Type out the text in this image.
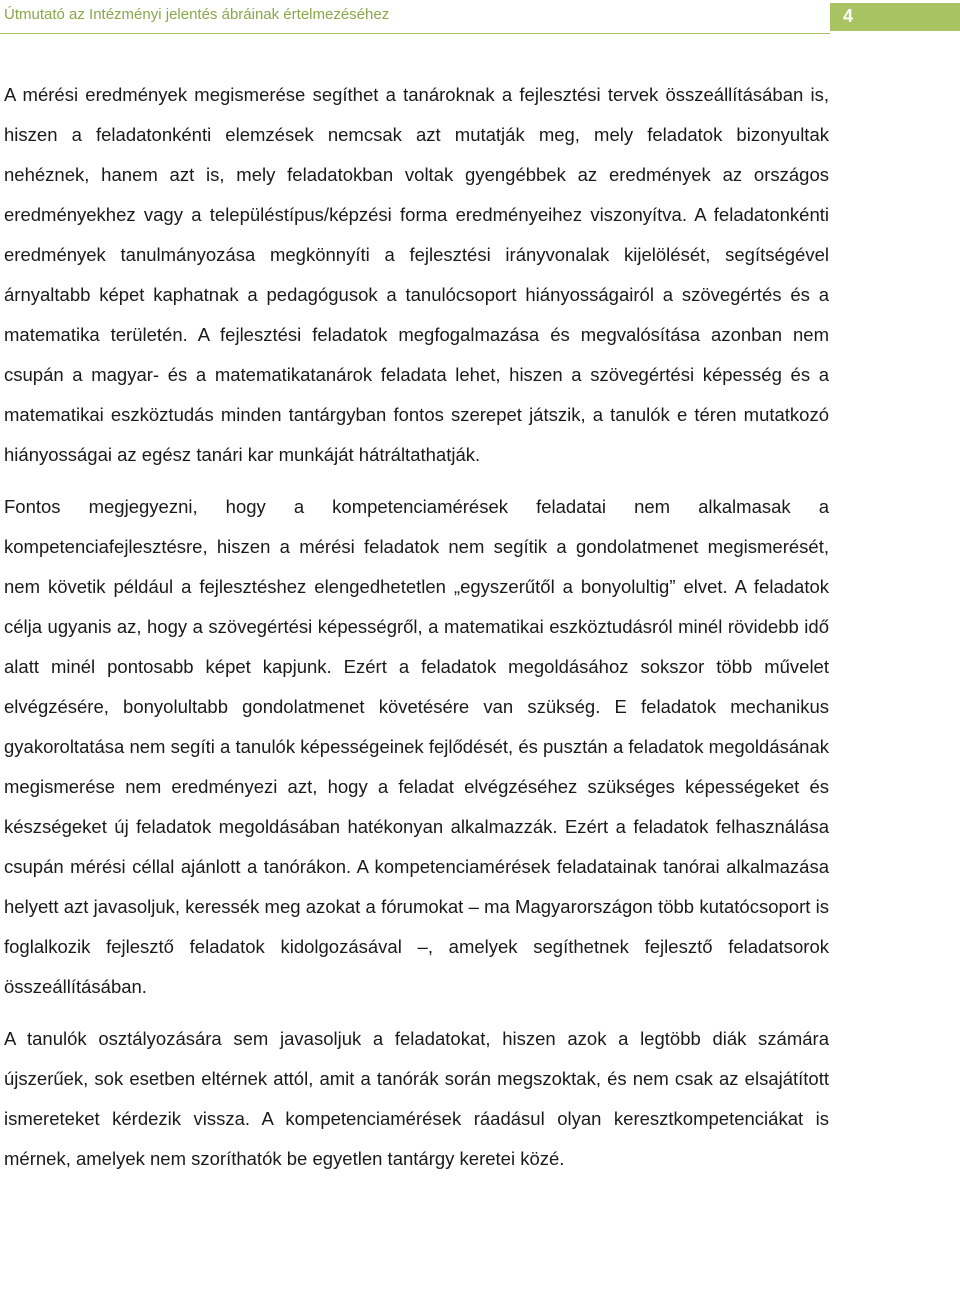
Útmutató az Intézményi jelentés ábráinak értelmezéséhez	4

A mérési eredmények megismerése segíthet a tanároknak a fejlesztési tervek összeállításában is, hiszen a feladatonkénti elemzések nemcsak azt mutatják meg, mely feladatok bizonyultak nehéznek, hanem azt is, mely feladatokban voltak gyengébbek az eredmények az országos eredményekhez vagy a településtípus/képzési forma eredményeihez viszonyítva. A feladatonkénti eredmények tanulmányozása megkönnyíti a fejlesztési irányvonalak kijelölését, segítségével árnyaltabb képet kaphatnak a pedagógusok a tanulócsoport hiányosságairól a szövegértés és a matematika területén. A fejlesztési feladatok megfogalmazása és megvalósítása azonban nem csupán a magyar- és a matematikatanárok feladata lehet, hiszen a szövegértési képesség és a matematikai eszköztudás minden tantárgyban fontos szerepet játszik, a tanulók e téren mutatkozó hiányosságai az egész tanári kar munkáját hátráltathatják.

Fontos megjegyezni, hogy a kompetenciamérések feladatai nem alkalmasak a kompetenciafejlesztésre, hiszen a mérési feladatok nem segítik a gondolatmenet megismerését, nem követik például a fejlesztéshez elengedhetetlen „egyszerűtől a bonyolultig” elvet. A feladatok célja ugyanis az, hogy a szövegértési képességről, a matematikai eszköztudásról minél rövidebb idő alatt minél pontosabb képet kapjunk. Ezért a feladatok megoldásához sokszor több művelet elvégzésére, bonyolultabb gondolatmenet követésére van szükség. E feladatok mechanikus gyakoroltatása nem segíti a tanulók képességeinek fejlődését, és pusztán a feladatok megoldásának megismerése nem eredményezi azt, hogy a feladat elvégzéséhez szükséges képességeket és készségeket új feladatok megoldásában hatékonyan alkalmazzák. Ezért a feladatok felhasználása csupán mérési céllal ajánlott a tanórákon. A kompetenciamérések feladatainak tanórai alkalmazása helyett azt javasoljuk, keressék meg azokat a fórumokat – ma Magyarországon több kutatócsoport is foglalkozik fejlesztő feladatok kidolgozásával –, amelyek segíthetnek fejlesztő feladatsorok összeállításában.

A tanulók osztályozására sem javasoljuk a feladatokat, hiszen azok a legtöbb diák számára újszerűek, sok esetben eltérnek attól, amit a tanórák során megszoktak, és nem csak az elsajátított ismereteket kérdezik vissza. A kompetenciamérések ráadásul olyan keresztkompetenciákat is mérnek, amelyek nem szoríthatók be egyetlen tantárgy keretei közé.
